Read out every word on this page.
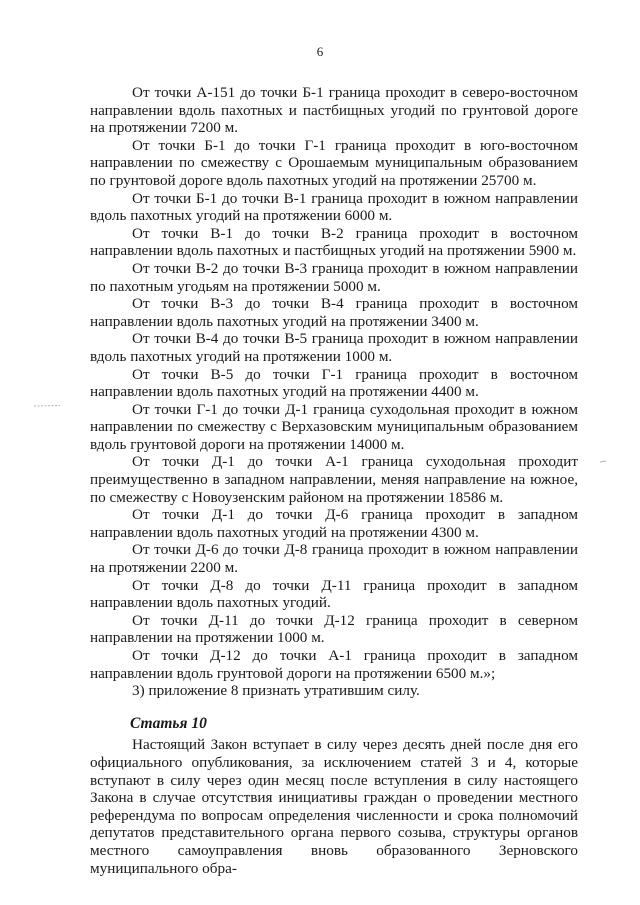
6

От точки А-151 до точки Б-1 граница проходит в северо-восточном направлении вдоль пахотных и пастбищных угодий по грунтовой дороге на протяжении 7200 м.

От точки Б-1 до точки Г-1 граница проходит в юго-восточном направлении по смежеству с Орошаемым муниципальным образованием по грунтовой дороге вдоль пахотных угодий на протяжении 25700 м.

От точки Б-1 до точки В-1 граница проходит в южном направлении вдоль пахотных угодий на протяжении 6000 м.

От точки В-1 до точки В-2 граница проходит в восточном направлении вдоль пахотных и пастбищных угодий на протяжении 5900 м.

От точки В-2 до точки В-3 граница проходит в южном направлении по пахотным угодьям на протяжении 5000 м.

От точки В-3 до точки В-4 граница проходит в восточном направлении вдоль пахотных угодий на протяжении 3400 м.

От точки В-4 до точки В-5 граница проходит в южном направлении вдоль пахотных угодий на протяжении 1000 м.

От точки В-5 до точки Г-1 граница проходит в восточном направлении вдоль пахотных угодий на протяжении 4400 м.

От точки Г-1 до точки Д-1 граница суходольная проходит в южном направлении по смежеству с Верхазовским муниципальным образованием вдоль грунтовой дороги на протяжении 14000 м.

От точки Д-1 до точки А-1 граница суходольная проходит преимущественно в западном направлении, меняя направление на южное, по смежеству с Новоузенским районом на протяжении 18586 м.

От точки Д-1 до точки Д-6 граница проходит в западном направлении вдоль пахотных угодий на протяжении 4300 м.

От точки Д-6 до точки Д-8 граница проходит в южном направлении на протяжении 2200 м.

От точки Д-8 до точки Д-11 граница проходит в западном направлении вдоль пахотных угодий.

От точки Д-11 до точки Д-12 граница проходит в северном направлении на протяжении 1000 м.

От точки Д-12 до точки А-1 граница проходит в западном направлении вдоль грунтовой дороги на протяжении 6500 м.»;

3) приложение 8 признать утратившим силу.

Статья 10

Настоящий Закон вступает в силу через десять дней после дня его официального опубликования, за исключением статей 3 и 4, которые вступают в силу через один месяц после вступления в силу настоящего Закона в случае отсутствия инициативы граждан о проведении местного референдума по вопросам определения численности и срока полномочий депутатов представительного органа первого созыва, структуры органов местного самоуправления вновь образованного Зерновского муниципального обра-
